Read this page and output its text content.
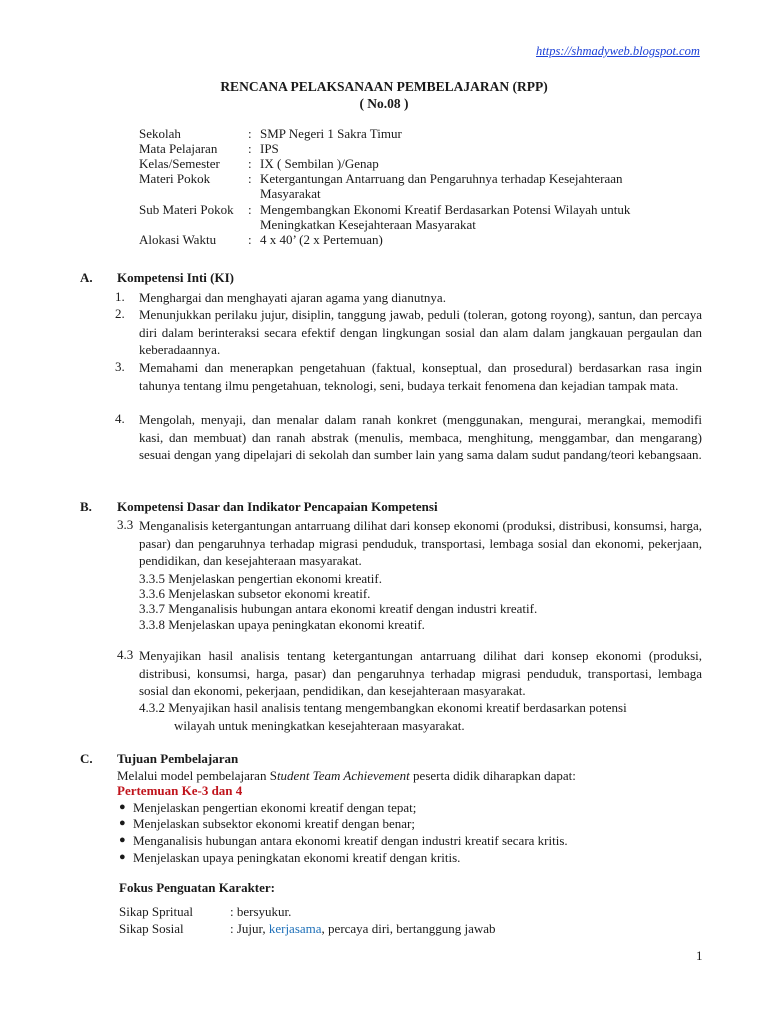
https://shmadyweb.blogspot.com
RENCANA PELAKSANAAN PEMBELAJARAN (RPP)
( No.08 )
Sekolah	: SMP Negeri 1 Sakra Timur
Mata Pelajaran : IPS
Kelas/Semester : IX ( Sembilan )/Genap
Materi Pokok	: Ketergantungan Antarruang dan Pengaruhnya terhadap Kesejahteraan
Masyarakat
Sub Materi Pokok : Mengembangkan Ekonomi Kreatif Berdasarkan Potensi Wilayah untuk
Meningkatkan Kesejahteraan Masyarakat
Alokasi Waktu : 4 x 40’ (2 x Pertemuan)
A. Kompetensi Inti (KI)
1. Menghargai dan menghayati ajaran agama yang dianutnya.
2. Menunjukkan perilaku jujur, disiplin, tanggung jawab, peduli (toleran, gotong royong), santun, dan percaya diri dalam berinteraksi secara efektif dengan lingkungan sosial dan alam dalam jangkauan pergaulan dan keberadaannya.
3. Memahami dan menerapkan pengetahuan (faktual, konseptual, dan prosedural) berdasarkan rasa ingin tahunya tentang ilmu pengetahuan, teknologi, seni, budaya terkait fenomena dan kejadian tampak mata.
4. Mengolah, menyaji, dan menalar dalam ranah konkret (menggunakan, mengurai, merangkai, memodifi kasi, dan membuat) dan ranah abstrak (menulis, membaca, menghitung, menggambar, dan mengarang) sesuai dengan yang dipelajari di sekolah dan sumber lain yang sama dalam sudut pandang/teori kebangsaan.
B. Kompetensi Dasar dan Indikator Pencapaian Kompetensi
3.3 Menganalisis ketergantungan antarruang dilihat dari konsep ekonomi (produksi, distribusi, konsumsi, harga, pasar) dan pengaruhnya terhadap migrasi penduduk, transportasi, lembaga sosial dan ekonomi, pekerjaan, pendidikan, dan kesejahteraan masyarakat.
3.3.5 Menjelaskan pengertian ekonomi kreatif.
3.3.6 Menjelaskan subsetor ekonomi kreatif.
3.3.7 Menganalisis hubungan antara ekonomi kreatif dengan industri kreatif.
3.3.8 Menjelaskan upaya peningkatan ekonomi kreatif.
4.3 Menyajikan hasil analisis tentang ketergantungan antarruang dilihat dari konsep ekonomi (produksi, distribusi, konsumsi, harga, pasar) dan pengaruhnya terhadap migrasi penduduk, transportasi, lembaga sosial dan ekonomi, pekerjaan, pendidikan, dan kesejahteraan masyarakat.
4.3.2 Menyajikan hasil analisis tentang mengembangkan ekonomi kreatif berdasarkan potensi
wilayah untuk meningkatkan kesejahteraan masyarakat.
C. Tujuan Pembelajaran
Melalui model pembelajaran Student Team Achievement peserta didik diharapkan dapat:
Pertemuan Ke-3 dan 4
● Menjelaskan pengertian ekonomi kreatif dengan tepat;
● Menjelaskan subsektor ekonomi kreatif dengan benar;
● Menganalisis hubungan antara ekonomi kreatif dengan industri kreatif secara kritis.
● Menjelaskan upaya peningkatan ekonomi kreatif dengan kritis.
Fokus Penguatan Karakter:
Sikap Spritual	: bersyukur.
Sikap Sosial	: Jujur, kerjasama, percaya diri, bertanggung jawab
1
